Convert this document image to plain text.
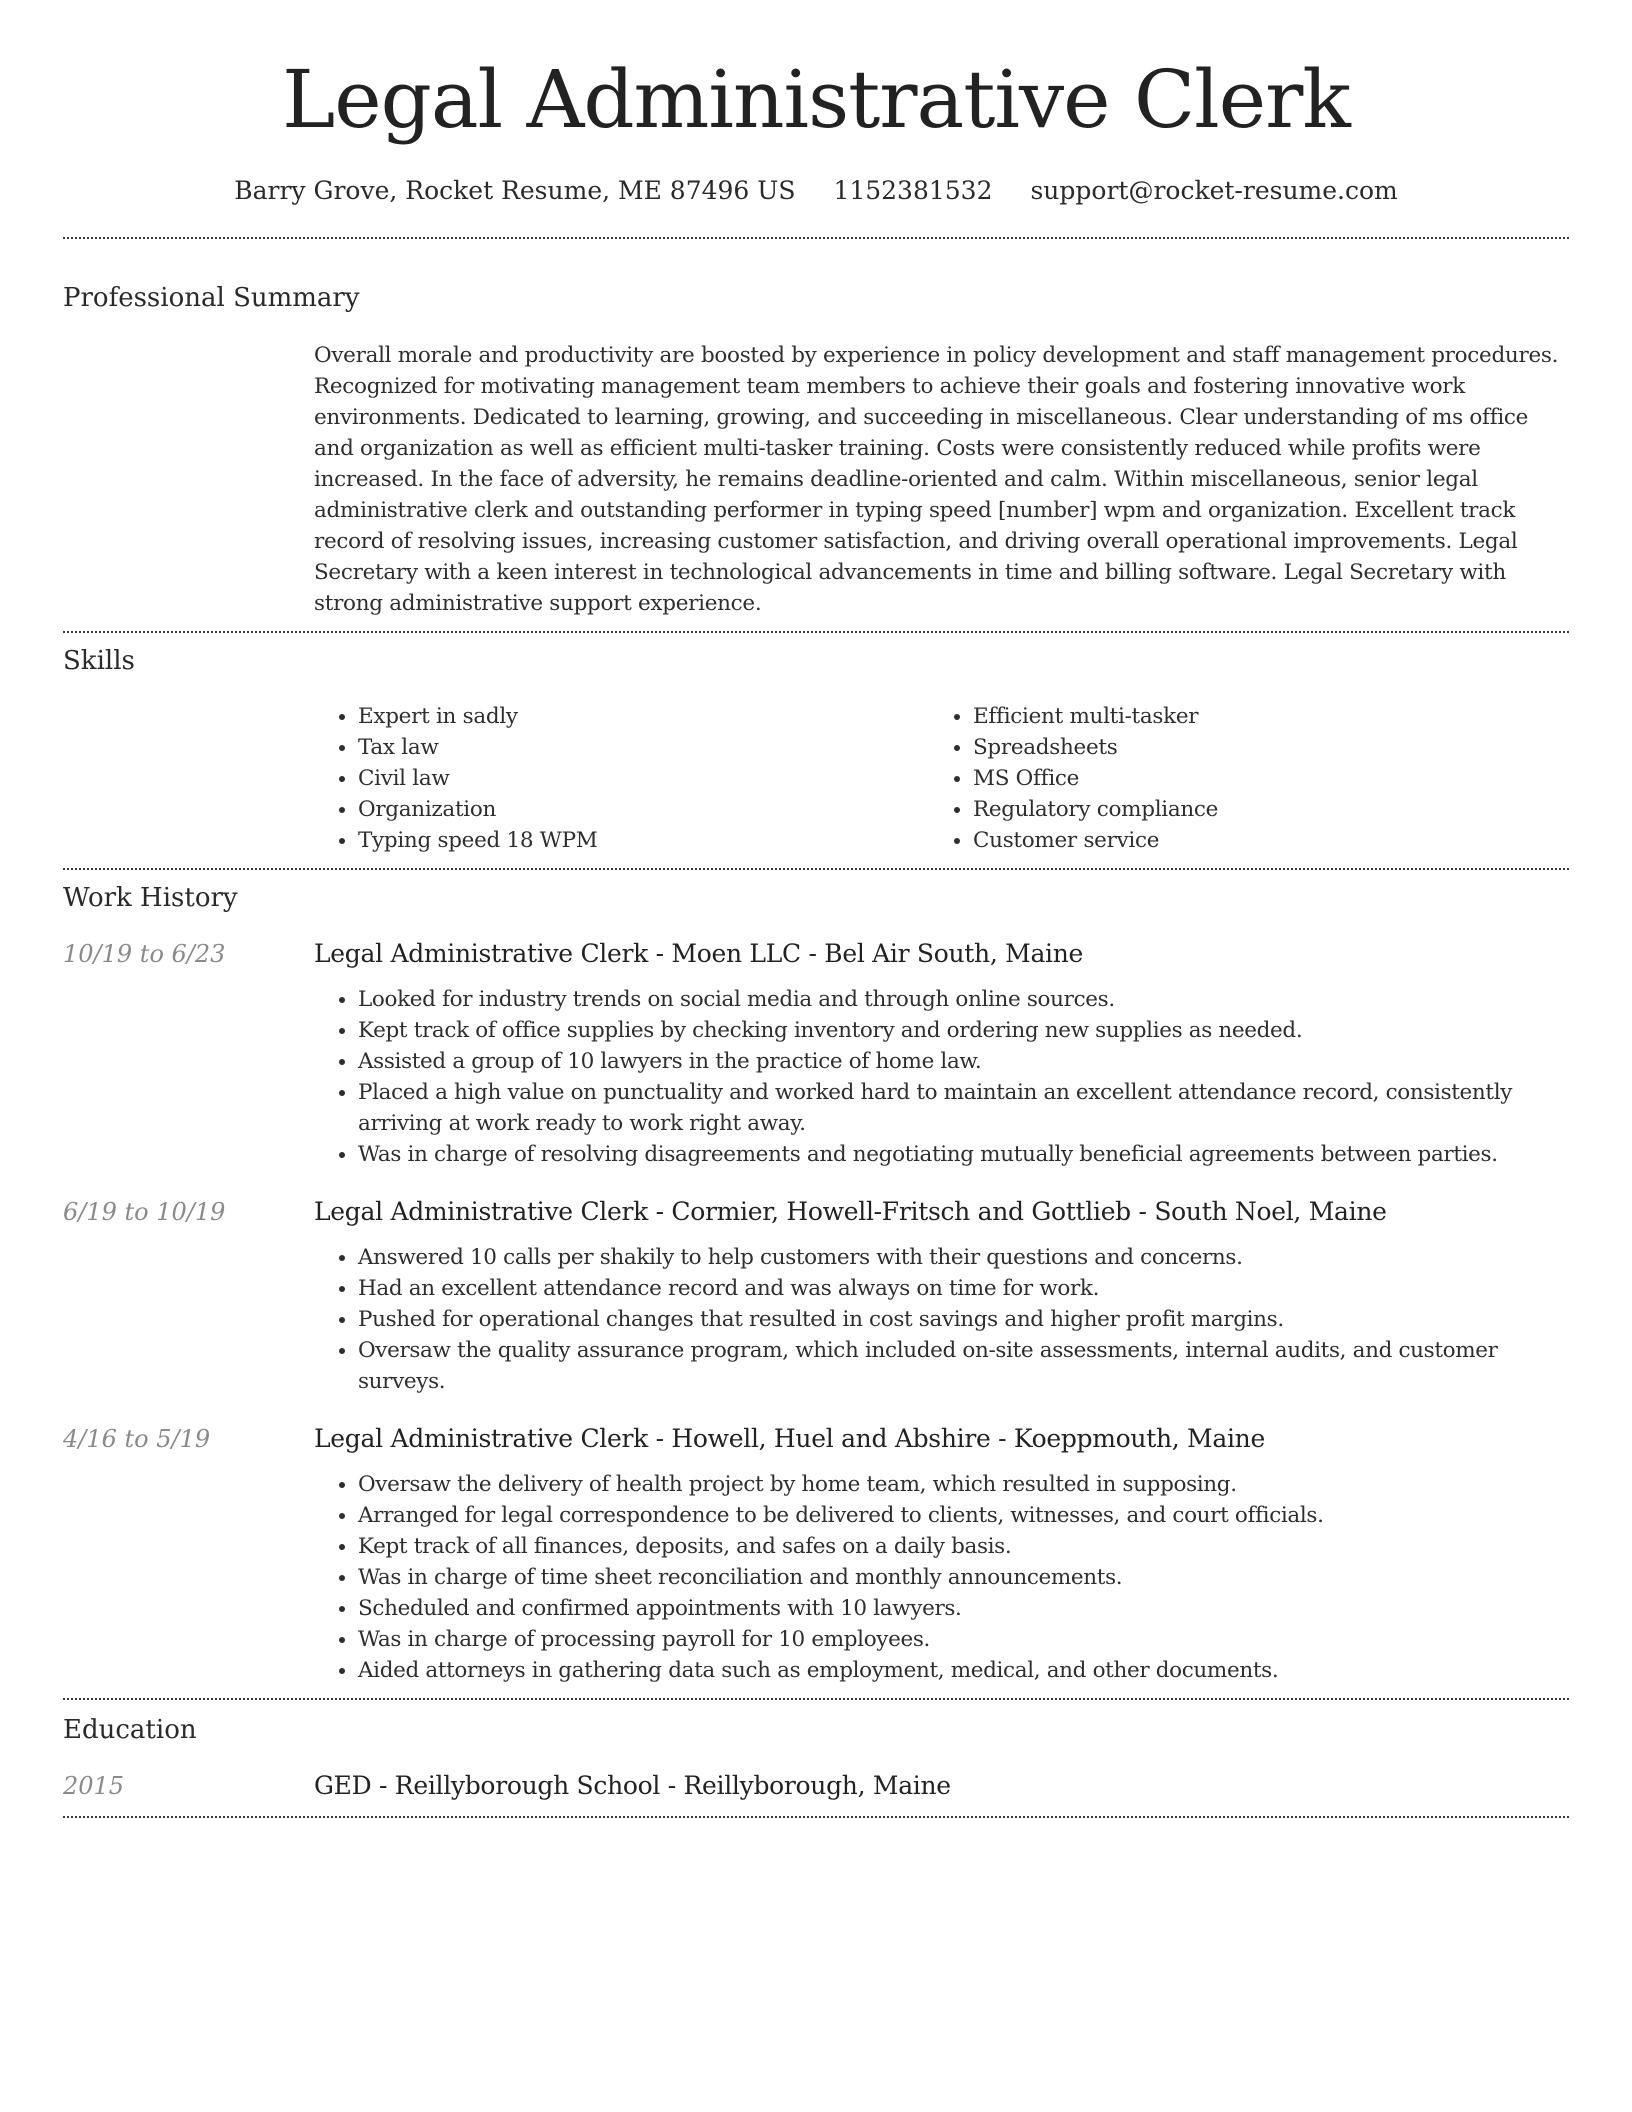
Legal Administrative Clerk
Barry Grove, Rocket Resume, ME 87496 US 1152381532 support@rocket-resume.com
Professional Summary
Overall morale and productivity are boosted by experience in policy development and staff management procedures. Recognized for motivating management team members to achieve their goals and fostering innovative work environments. Dedicated to learning, growing, and succeeding in miscellaneous. Clear understanding of ms office and organization as well as efficient multi-tasker training. Costs were consistently reduced while profits were increased. In the face of adversity, he remains deadline-oriented and calm. Within miscellaneous, senior legal administrative clerk and outstanding performer in typing speed [number] wpm and organization. Excellent track record of resolving issues, increasing customer satisfaction, and driving overall operational improvements. Legal Secretary with a keen interest in technological advancements in time and billing software. Legal Secretary with strong administrative support experience.
Skills
• Expert in sadly
• Tax law
• Civil law
• Organization
• Typing speed 18 WPM
• Efficient multi-tasker
• Spreadsheets
• MS Office
• Regulatory compliance
• Customer service
Work History
10/19 to 6/23	Legal Administrative Clerk - Moen LLC - Bel Air South, Maine
• Looked for industry trends on social media and through online sources.
• Kept track of office supplies by checking inventory and ordering new supplies as needed.
• Assisted a group of 10 lawyers in the practice of home law.
• Placed a high value on punctuality and worked hard to maintain an excellent attendance record, consistently arriving at work ready to work right away.
• Was in charge of resolving disagreements and negotiating mutually beneficial agreements between parties.
6/19 to 10/19	Legal Administrative Clerk - Cormier, Howell-Fritsch and Gottlieb - South Noel, Maine
• Answered 10 calls per shakily to help customers with their questions and concerns.
• Had an excellent attendance record and was always on time for work.
• Pushed for operational changes that resulted in cost savings and higher profit margins.
• Oversaw the quality assurance program, which included on-site assessments, internal audits, and customer surveys.
4/16 to 5/19	Legal Administrative Clerk - Howell, Huel and Abshire - Koeppmouth, Maine
• Oversaw the delivery of health project by home team, which resulted in supposing.
• Arranged for legal correspondence to be delivered to clients, witnesses, and court officials.
• Kept track of all finances, deposits, and safes on a daily basis.
• Was in charge of time sheet reconciliation and monthly announcements.
• Scheduled and confirmed appointments with 10 lawyers.
• Was in charge of processing payroll for 10 employees.
• Aided attorneys in gathering data such as employment, medical, and other documents.
Education
2015	GED - Reillyborough School - Reillyborough, Maine
